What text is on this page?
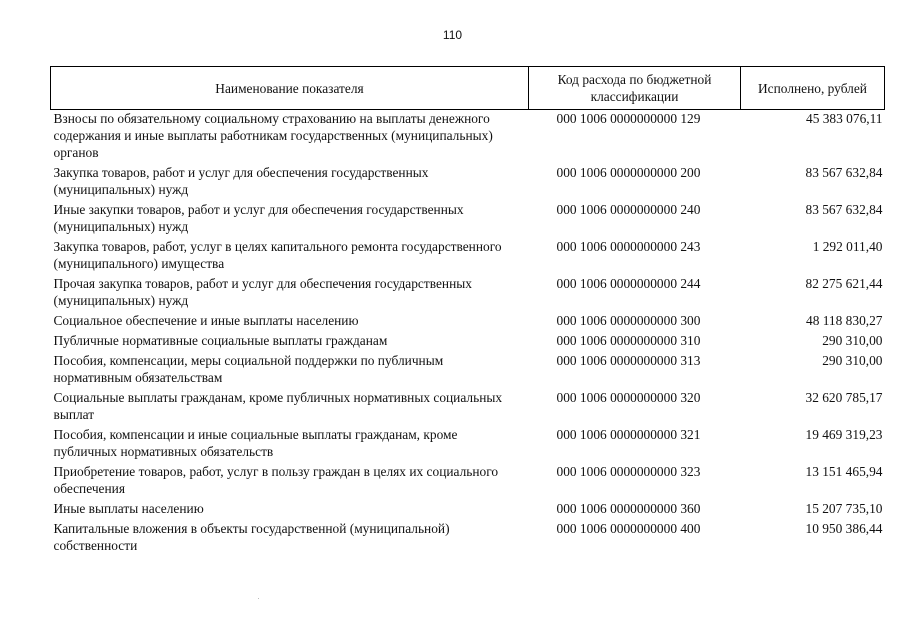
110
Наименование показателя	Код расхода по бюджетной классификации	Исполнено, рублей
Взносы по обязательному социальному страхованию на выплаты денежного содержания и иные выплаты работникам государственных (муниципальных) органов	000 1006 0000000000 129	45 383 076,11
Закупка товаров, работ и услуг для обеспечения государственных (муниципальных) нужд	000 1006 0000000000 200	83 567 632,84
Иные закупки товаров, работ и услуг для обеспечения государственных (муниципальных) нужд	000 1006 0000000000 240	83 567 632,84
Закупка товаров, работ, услуг в целях капитального ремонта государственного (муниципального) имущества	000 1006 0000000000 243	1 292 011,40
Прочая закупка товаров, работ и услуг для обеспечения государственных (муниципальных) нужд	000 1006 0000000000 244	82 275 621,44
Социальное обеспечение и иные выплаты населению	000 1006 0000000000 300	48 118 830,27
Публичные нормативные социальные выплаты гражданам	000 1006 0000000000 310	290 310,00
Пособия, компенсации, меры социальной поддержки по публичным нормативным обязательствам	000 1006 0000000000 313	290 310,00
Социальные выплаты гражданам, кроме публичных нормативных социальных выплат	000 1006 0000000000 320	32 620 785,17
Пособия, компенсации и иные социальные выплаты гражданам, кроме публичных нормативных обязательств	000 1006 0000000000 321	19 469 319,23
Приобретение товаров, работ, услуг в пользу граждан в целях их социального обеспечения	000 1006 0000000000 323	13 151 465,94
Иные выплаты населению	000 1006 0000000000 360	15 207 735,10
Капитальные вложения в объекты государственной (муниципальной) собственности	000 1006 0000000000 400	10 950 386,44
